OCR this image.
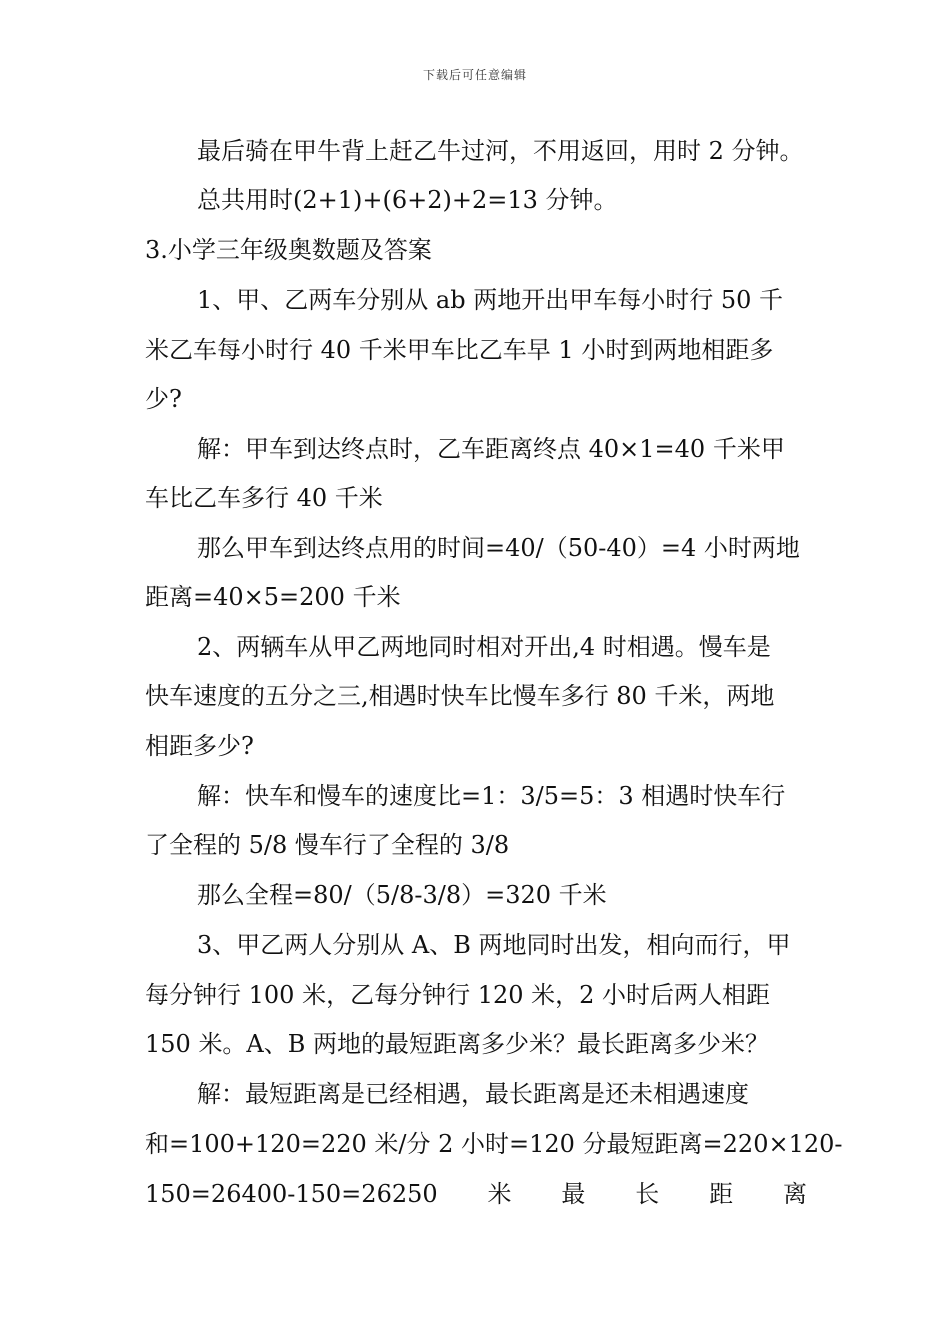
下载后可任意编辑
最后骑在甲牛背上赶乙牛过河，不用返回，用时 2 分钟。
总共用时(2+1)+(6+2)+2=13 分钟。
3.小学三年级奥数题及答案
1、甲、乙两车分别从 ab 两地开出甲车每小时行 50 千
米乙车每小时行 40 千米甲车比乙车早 1 小时到两地相距多
少?
解：甲车到达终点时，乙车距离终点 40×1=40 千米甲
车比乙车多行 40 千米
那么甲车到达终点用的时间=40/（50-40）=4 小时两地
距离=40×5=200 千米
2、两辆车从甲乙两地同时相对开出,4 时相遇。慢车是
快车速度的五分之三,相遇时快车比慢车多行 80 千米，两地
相距多少?
解：快车和慢车的速度比=1：3/5=5：3 相遇时快车行
了全程的 5/8 慢车行了全程的 3/8
那么全程=80/（5/8-3/8）=320 千米
3、甲乙两人分别从 A、B 两地同时出发，相向而行，甲
每分钟行 100 米，乙每分钟行 120 米，2 小时后两人相距
150 米。A、B 两地的最短距离多少米？最长距离多少米？
解：最短距离是已经相遇，最长距离是还未相遇速度
和=100+120=220 米/分 2 小时=120 分最短距离=220×120-
150=26400-150=26250 米 最 长 距 离
